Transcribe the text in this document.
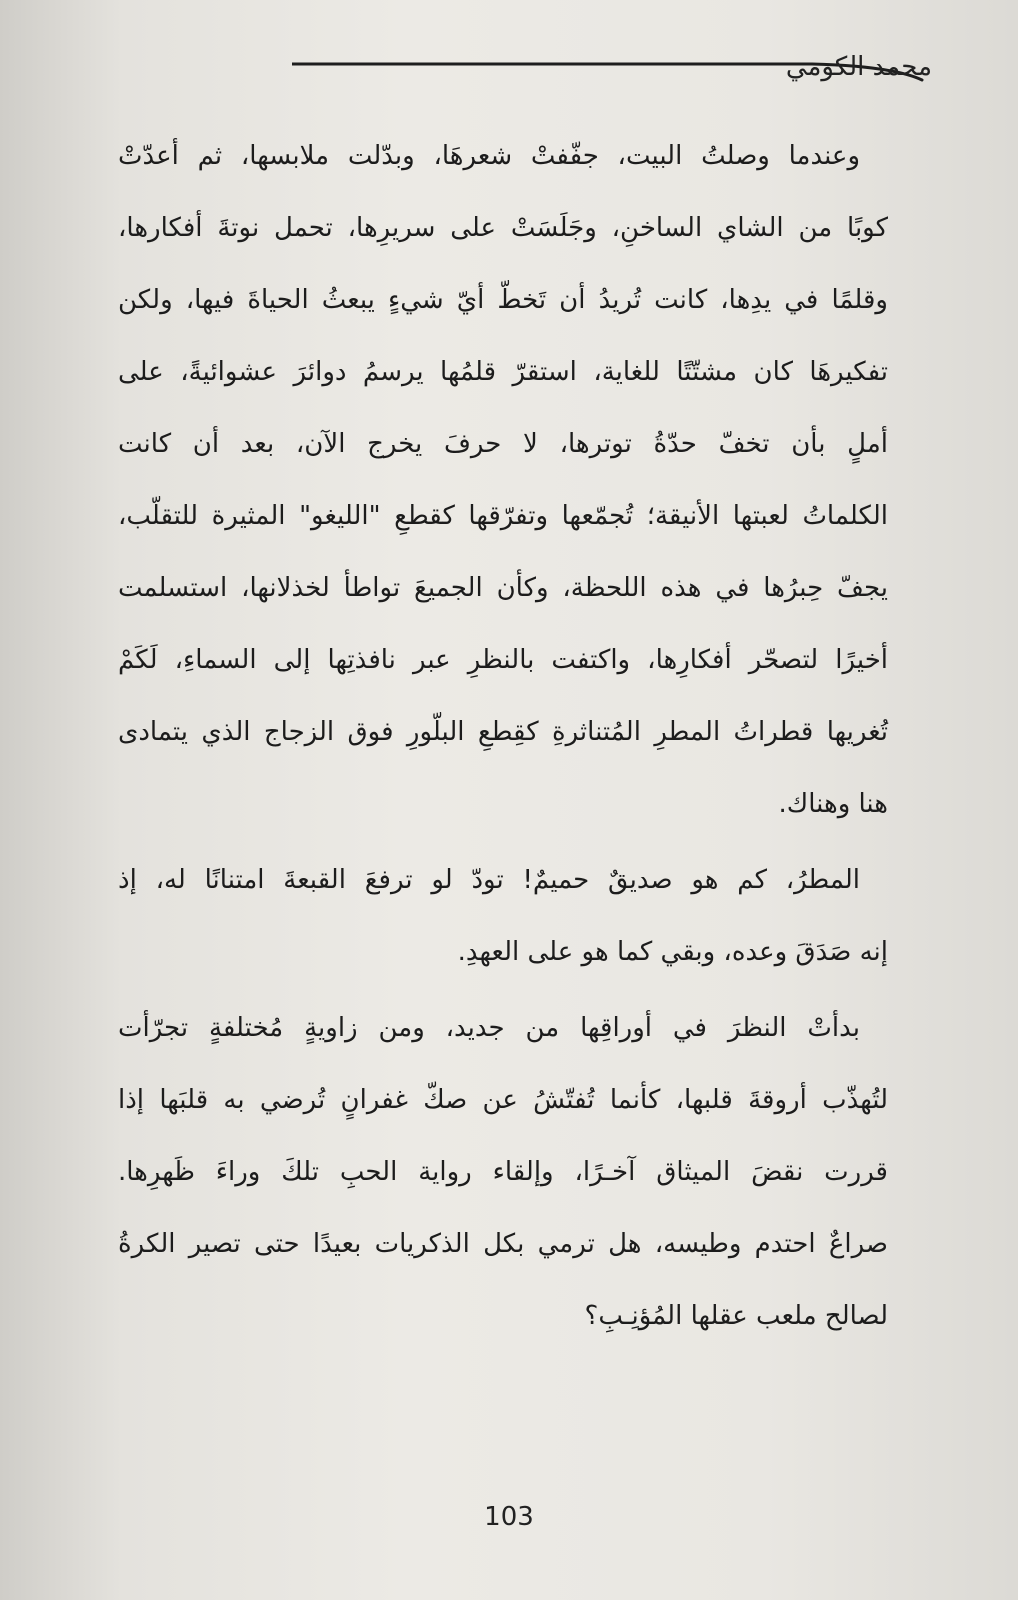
محمد الكومي
وعندما وصلتُ البيت، جفّفتْ شعرهَا، وبدّلت ملابسها، ثم أعدّتْ
كوبًا من الشاي الساخنِ، وجَلَسَتْ على سريرِها، تحمل نوتةَ أفكارها،
وقلمًا في يدِها، كانت تُريدُ أن تَخطّ أيّ شيءٍ يبعثُ الحياةَ فيها، ولكن
تفكيرهَا كان مشتّتًا للغاية، استقرّ قلمُها يرسمُ دوائرَ عشوائيةً، على
أملٍ بأن تخفّ حدّةُ توترها، لا حرفَ يخرج الآن، بعد أن كانت
الكلماتُ لعبتها الأنيقة؛ تُجمّعها وتفرّقها كقطعِ "الليغو" المثيرة للتقلّب،
يجفّ حِبرُها في هذه اللحظة، وكأن الجميعَ تواطأ لخذلانها، استسلمت
أخيرًا لتصحّر أفكارِها، واكتفت بالنظرِ عبر نافذتِها إلى السماءِ، لَكَمْ
تُغريها قطراتُ المطرِ المُتناثرةِ كقِطعِ البلّورِ فوق الزجاج الذي يتمادى
هنا وهناك.
المطرُ، كم هو صديقٌ حميمٌ! تودّ لو ترفعَ القبعةَ امتنانًا له، إذ
إنه صَدَقَ وعده، وبقي كما هو على العهدِ.
بدأتْ النظرَ في أوراقِها من جديد، ومن زاويةٍ مُختلفةٍ تجرّأت
لتُهذّب أروقةَ قلبها، كأنما تُفتّشُ عن صكّ غفرانٍ تُرضي به قلبَها إذا
قررت نقضَ الميثاق آخـرًا، وإلقاء رواية الحبِ تلكَ وراءَ ظَهرِها.
صراعٌ احتدم وطيسه، هل ترمي بكل الذكريات بعيدًا حتى تصير الكرةُ
لصالح ملعب عقلها المُؤنِـبِ؟
103
